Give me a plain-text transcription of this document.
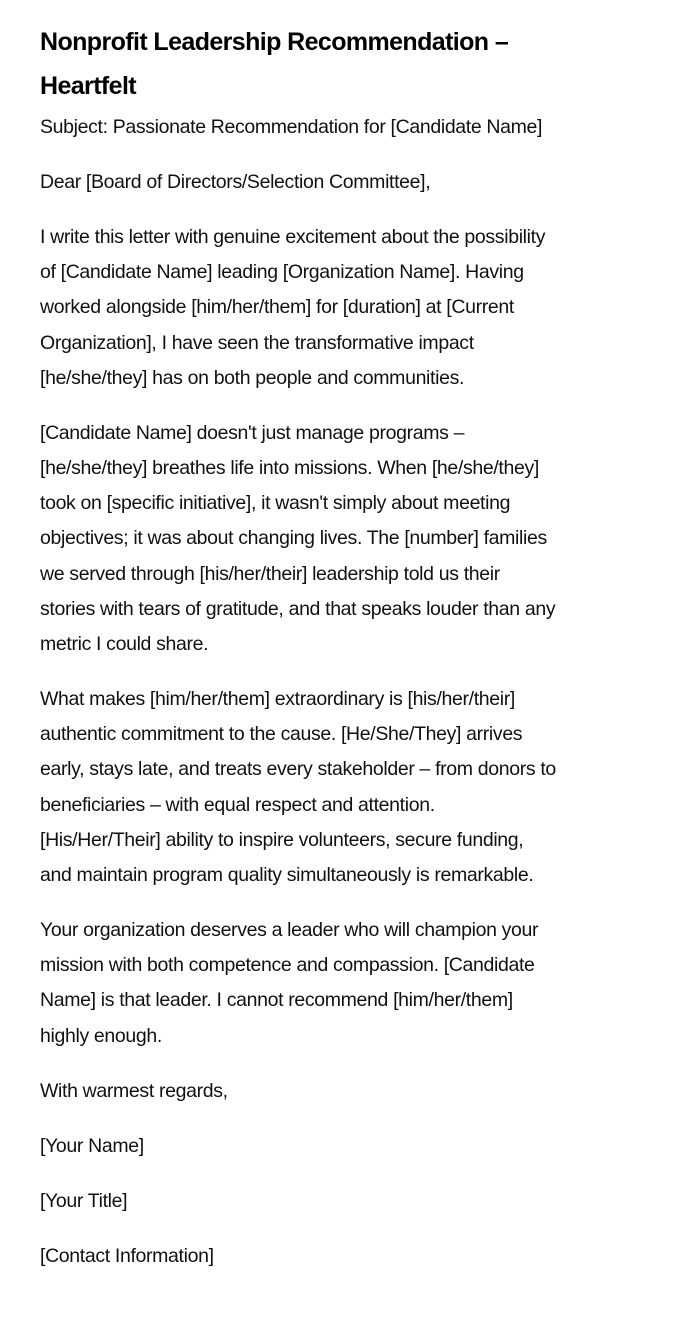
Nonprofit Leadership Recommendation –
Heartfelt

Subject: Passionate Recommendation for [Candidate Name]

Dear [Board of Directors/Selection Committee],

I write this letter with genuine excitement about the possibility
of [Candidate Name] leading [Organization Name]. Having
worked alongside [him/her/them] for [duration] at [Current
Organization], I have seen the transformative impact
[he/she/they] has on both people and communities.

[Candidate Name] doesn't just manage programs –
[he/she/they] breathes life into missions. When [he/she/they]
took on [specific initiative], it wasn't simply about meeting
objectives; it was about changing lives. The [number] families
we served through [his/her/their] leadership told us their
stories with tears of gratitude, and that speaks louder than any
metric I could share.

What makes [him/her/them] extraordinary is [his/her/their]
authentic commitment to the cause. [He/She/They] arrives
early, stays late, and treats every stakeholder – from donors to
beneficiaries – with equal respect and attention.
[His/Her/Their] ability to inspire volunteers, secure funding,
and maintain program quality simultaneously is remarkable.

Your organization deserves a leader who will champion your
mission with both competence and compassion. [Candidate
Name] is that leader. I cannot recommend [him/her/them]
highly enough.

With warmest regards,

[Your Name]

[Your Title]

[Contact Information]
